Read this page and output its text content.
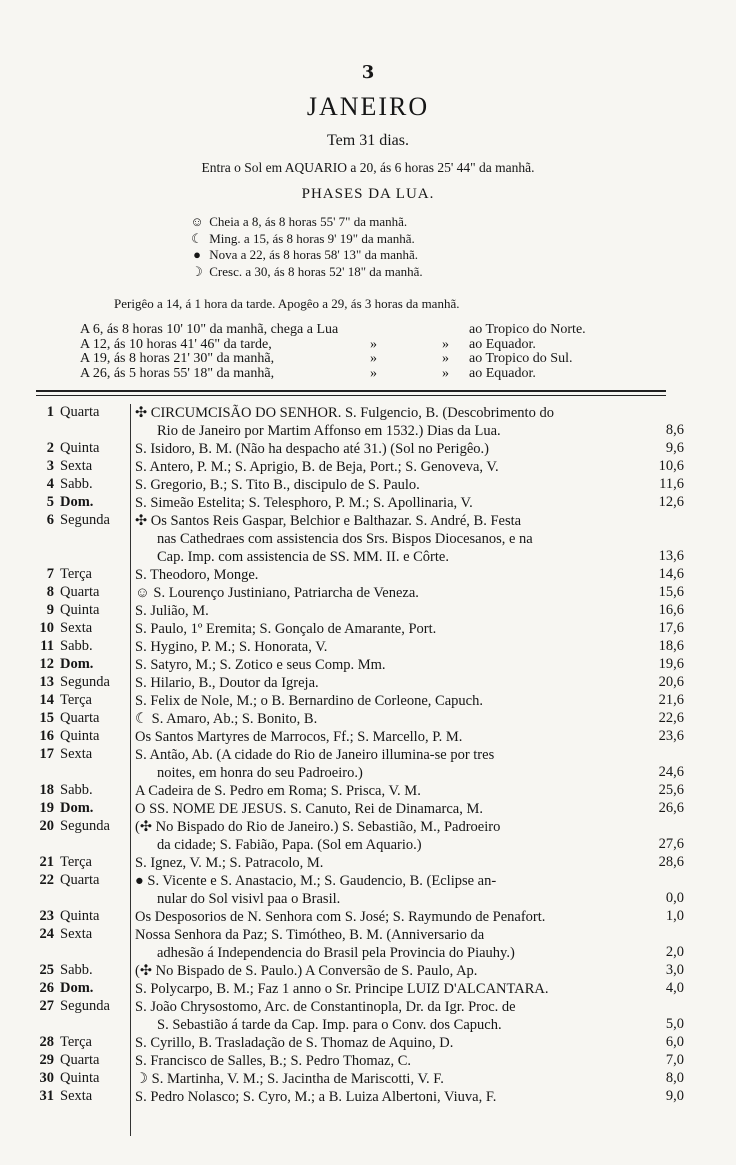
3
JANEIRO
Tem 31 dias.
Entra o Sol em AQUARIO a 20, ás 6 horas 25' 44" da manhã.
PHASES DA LUA.
☺ Cheia a 8, ás 8 horas 55' 7" da manhã.
☾ Ming. a 15, ás 8 horas 9' 19" da manhã.
● Nova a 22, ás 8 horas 58' 13" da manhã.
☽ Cresc. a 30, ás 8 horas 52' 18" da manhã.
Perigêo a 14, á 1 hora da tarde. Apogêo a 29, ás 3 horas da manhã.
A 6, ás 8 horas 10' 10" da manhã, chega a Lua	ao Tropico do Norte.
A 12, ás 10 horas 41' 46" da tarde,	»	» ao Equador.
A 19, ás 8 horas 21' 30" da manhã,	»	» ao Tropico do Sul.
A 26, ás 5 horas 55' 18" da manhã,	»	» ao Equador.
1 Quarta	✣ CIRCUMCISÃO DO SENHOR. S. Fulgencio, B. (Descobrimento do
Rio de Janeiro por Martim Affonso em 1532.) Dias da Lua.	8,6
2 Quinta	S. Isidoro, B. M. (Não ha despacho até 31.) (Sol no Perigêo.)	9,6
3 Sexta	S. Antero, P. M.; S. Aprigio, B. de Beja, Port.; S. Genoveva, V.	10,6
4 Sabb.	S. Gregorio, B.; S. Tito B., discipulo de S. Paulo.	11,6
5 Dom.	S. Simeão Estelita; S. Telesphoro, P. M.; S. Apollinaria, V.	12,6
6 Segunda	✣ Os Santos Reis Gaspar, Belchior e Balthazar. S. André, B. Festa
nas Cathedraes com assistencia dos Srs. Bispos Diocesanos, e na
Cap. Imp. com assistencia de SS. MM. II. e Côrte.	13,6
7 Terça	S. Theodoro, Monge.	14,6
8 Quarta	☺ S. Lourenço Justiniano, Patriarcha de Veneza.	15,6
9 Quinta	S. Julião, M.	16,6
10 Sexta	S. Paulo, 1º Eremita; S. Gonçalo de Amarante, Port.	17,6
11 Sabb.	S. Hygino, P. M.; S. Honorata, V.	18,6
12 Dom.	S. Satyro, M.; S. Zotico e seus Comp. Mm.	19,6
13 Segunda	S. Hilario, B., Doutor da Igreja.	20,6
14 Terça	S. Felix de Nole, M.; o B. Bernardino de Corleone, Capuch.	21,6
15 Quarta	☾ S. Amaro, Ab.; S. Bonito, B.	22,6
16 Quinta	Os Santos Martyres de Marrocos, Ff.; S. Marcello, P. M.	23,6
17 Sexta	S. Antão, Ab. (A cidade do Rio de Janeiro illumina-se por tres
noites, em honra do seu Padroeiro.)	24,6
18 Sabb.	A Cadeira de S. Pedro em Roma; S. Prisca, V. M.	25,6
19 Dom.	O SS. NOME DE JESUS. S. Canuto, Rei de Dinamarca, M.	26,6
20 Segunda	(✣ No Bispado do Rio de Janeiro.) S. Sebastião, M., Padroeiro
da cidade; S. Fabião, Papa. (Sol em Aquario.)	27,6
21 Terça	S. Ignez, V. M.; S. Patracolo, M.	28,6
22 Quarta	● S. Vicente e S. Anastacio, M.; S. Gaudencio, B. (Eclipse an-
nular do Sol visivl paa o Brasil.	0,0
23 Quinta	Os Desposorios de N. Senhora com S. José; S. Raymundo de Penafort.	1,0
24 Sexta	Nossa Senhora da Paz; S. Timótheo, B. M. (Anniversario da
adhesão á Independencia do Brasil pela Provincia do Piauhy.)	2,0
25 Sabb.	(✣ No Bispado de S. Paulo.) A Conversão de S. Paulo, Ap.	3,0
26 Dom.	S. Polycarpo, B. M.; Faz 1 anno o Sr. Principe LUIZ D'ALCANTARA.	4,0
27 Segunda	S. João Chrysostomo, Arc. de Constantinopla, Dr. da Igr. Proc. de
S. Sebastião á tarde da Cap. Imp. para o Conv. dos Capuch.	5,0
28 Terça	S. Cyrillo, B. Trasladação de S. Thomaz de Aquino, D.	6,0
29 Quarta	S. Francisco de Salles, B.; S. Pedro Thomaz, C.	7,0
30 Quinta	☽ S. Martinha, V. M.; S. Jacintha de Mariscotti, V. F.	8,0
31 Sexta	S. Pedro Nolasco; S. Cyro, M.; a B. Luiza Albertoni, Viuva, F.	9,0
